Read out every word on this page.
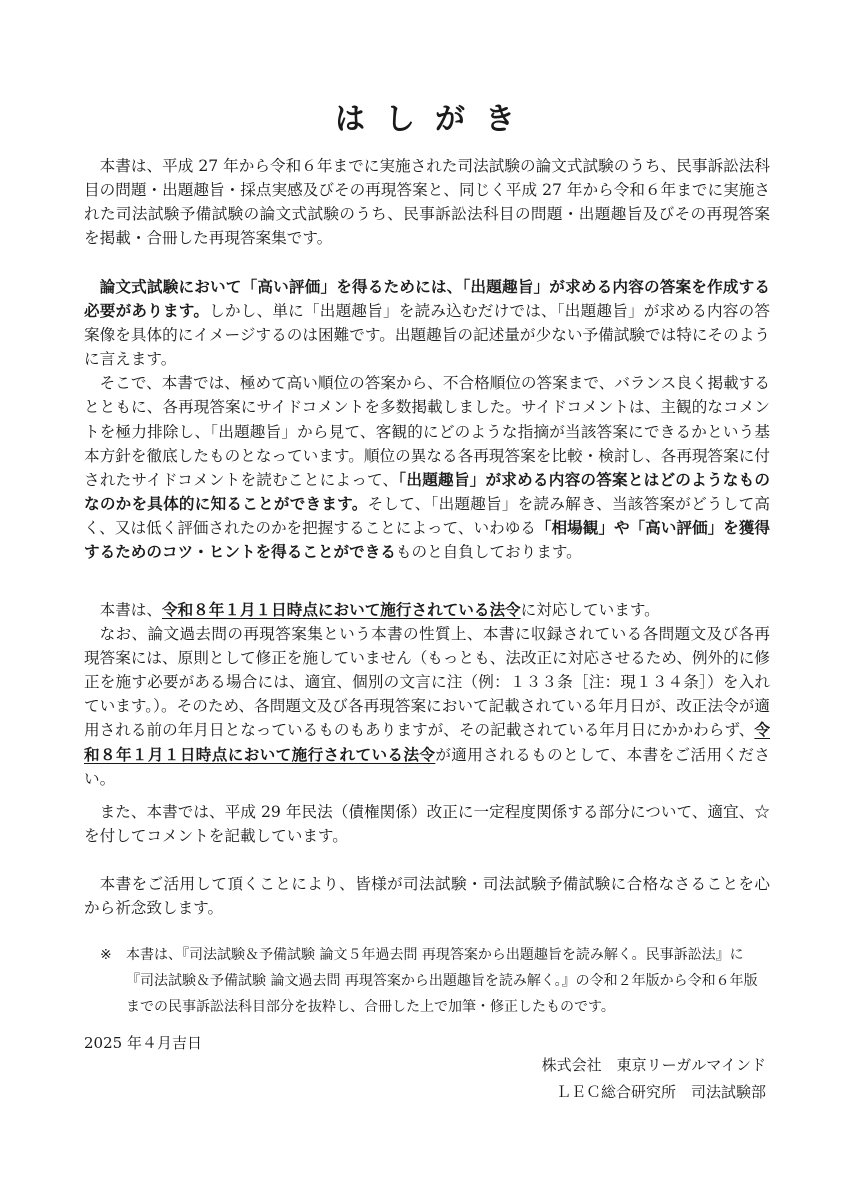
はしがき

本書は、平成 27 年から令和６年までに実施された司法試験の論文式試験のうち、民事訴訟法科目の問題・出題趣旨・採点実感及びその再現答案と、同じく平成 27 年から令和６年までに実施された司法試験予備試験の論文式試験のうち、民事訴訟法科目の問題・出題趣旨及びその再現答案を掲載・合冊した再現答案集です。

論文式試験において「高い評価」を得るためには、「出題趣旨」が求める内容の答案を作成する必要があります。しかし、単に「出題趣旨」を読み込むだけでは、「出題趣旨」が求める内容の答案像を具体的にイメージするのは困難です。出題趣旨の記述量が少ない予備試験では特にそのように言えます。

そこで、本書では、極めて高い順位の答案から、不合格順位の答案まで、バランス良く掲載するとともに、各再現答案にサイドコメントを多数掲載しました。サイドコメントは、主観的なコメントを極力排除し、「出題趣旨」から見て、客観的にどのような指摘が当該答案にできるかという基本方針を徹底したものとなっています。順位の異なる各再現答案を比較・検討し、各再現答案に付されたサイドコメントを読むことによって、「出題趣旨」が求める内容の答案とはどのようなものなのかを具体的に知ることができます。そして、「出題趣旨」を読み解き、当該答案がどうして高く、又は低く評価されたのかを把握することによって、いわゆる「相場観」や「高い評価」を獲得するためのコツ・ヒントを得ることができるものと自負しております。

本書は、令和８年１月１日時点において施行されている法令に対応しています。

なお、論文過去問の再現答案集という本書の性質上、本書に収録されている各問題文及び各再現答案には、原則として修正を施していません（もっとも、法改正に対応させるため、例外的に修正を施す必要がある場合には、適宜、個別の文言に注（例：１３３条［注：現１３４条］）を入れています。）。そのため、各問題文及び各再現答案において記載されている年月日が、改正法令が適用される前の年月日となっているものもありますが、その記載されている年月日にかかわらず、令和８年１月１日時点において施行されている法令が適用されるものとして、本書をご活用ください。

また、本書では、平成 29 年民法（債権関係）改正に一定程度関係する部分について、適宜、☆を付してコメントを記載しています。

本書をご活用して頂くことにより、皆様が司法試験・司法試験予備試験に合格なさることを心から祈念致します。

※ 本書は、『司法試験＆予備試験 論文５年過去問 再現答案から出題趣旨を読み解く。民事訴訟法』に『司法試験＆予備試験 論文過去問 再現答案から出題趣旨を読み解く。』の令和２年版から令和６年版までの民事訴訟法科目部分を抜粋し、合冊した上で加筆・修正したものです。
2025 年４月吉日
株式会社　東京リーガルマインド
ＬＥＣ総合研究所　司法試験部
